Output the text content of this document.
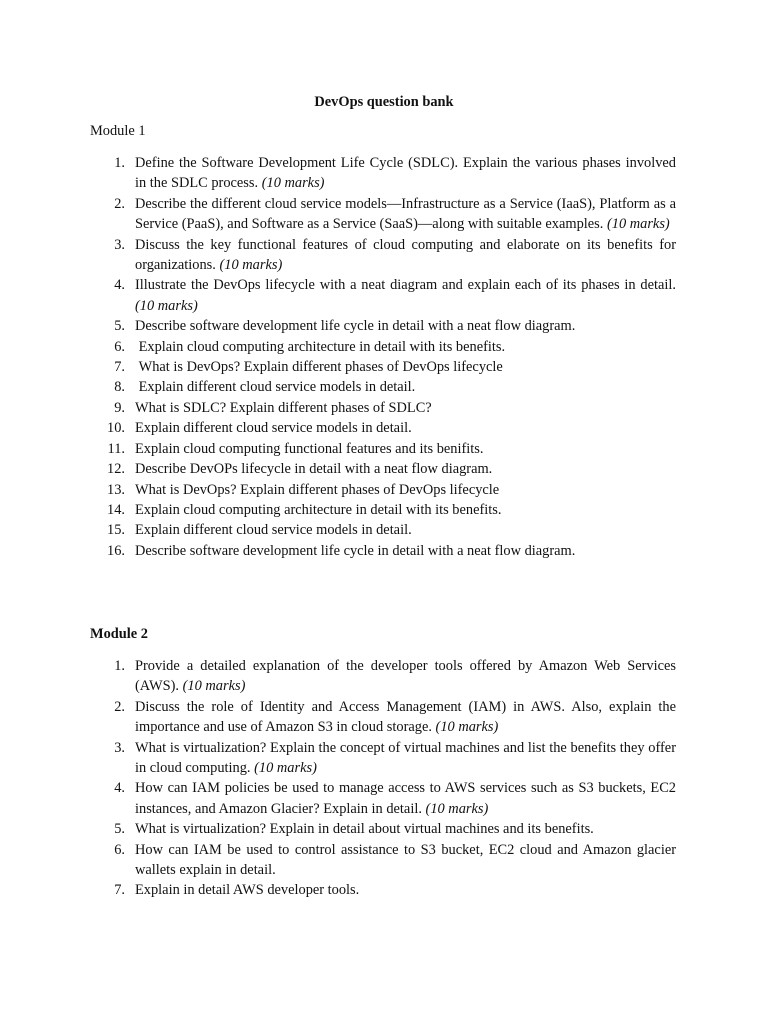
DevOps question bank
Module 1
1. Define the Software Development Life Cycle (SDLC). Explain the various phases involved in the SDLC process. (10 marks)
2. Describe the different cloud service models—Infrastructure as a Service (IaaS), Platform as a Service (PaaS), and Software as a Service (SaaS)—along with suitable examples. (10 marks)
3. Discuss the key functional features of cloud computing and elaborate on its benefits for organizations. (10 marks)
4. Illustrate the DevOps lifecycle with a neat diagram and explain each of its phases in detail. (10 marks)
5. Describe software development life cycle in detail with a neat flow diagram.
6. Explain cloud computing architecture in detail with its benefits.
7. What is DevOps? Explain different phases of DevOps lifecycle
8. Explain different cloud service models in detail.
9. What is SDLC? Explain different phases of SDLC?
10. Explain different cloud service models in detail.
11. Explain cloud computing functional features and its benifits.
12. Describe DevOPs lifecycle in detail with a neat flow diagram.
13. What is DevOps? Explain different phases of DevOps lifecycle
14. Explain cloud computing architecture in detail with its benefits.
15. Explain different cloud service models in detail.
16. Describe software development life cycle in detail with a neat flow diagram.
Module 2
1. Provide a detailed explanation of the developer tools offered by Amazon Web Services (AWS). (10 marks)
2. Discuss the role of Identity and Access Management (IAM) in AWS. Also, explain the importance and use of Amazon S3 in cloud storage. (10 marks)
3. What is virtualization? Explain the concept of virtual machines and list the benefits they offer in cloud computing. (10 marks)
4. How can IAM policies be used to manage access to AWS services such as S3 buckets, EC2 instances, and Amazon Glacier? Explain in detail. (10 marks)
5. What is virtualization? Explain in detail about virtual machines and its benefits.
6. How can IAM be used to control assistance to S3 bucket, EC2 cloud and Amazon glacier wallets explain in detail.
7. Explain in detail AWS developer tools.
